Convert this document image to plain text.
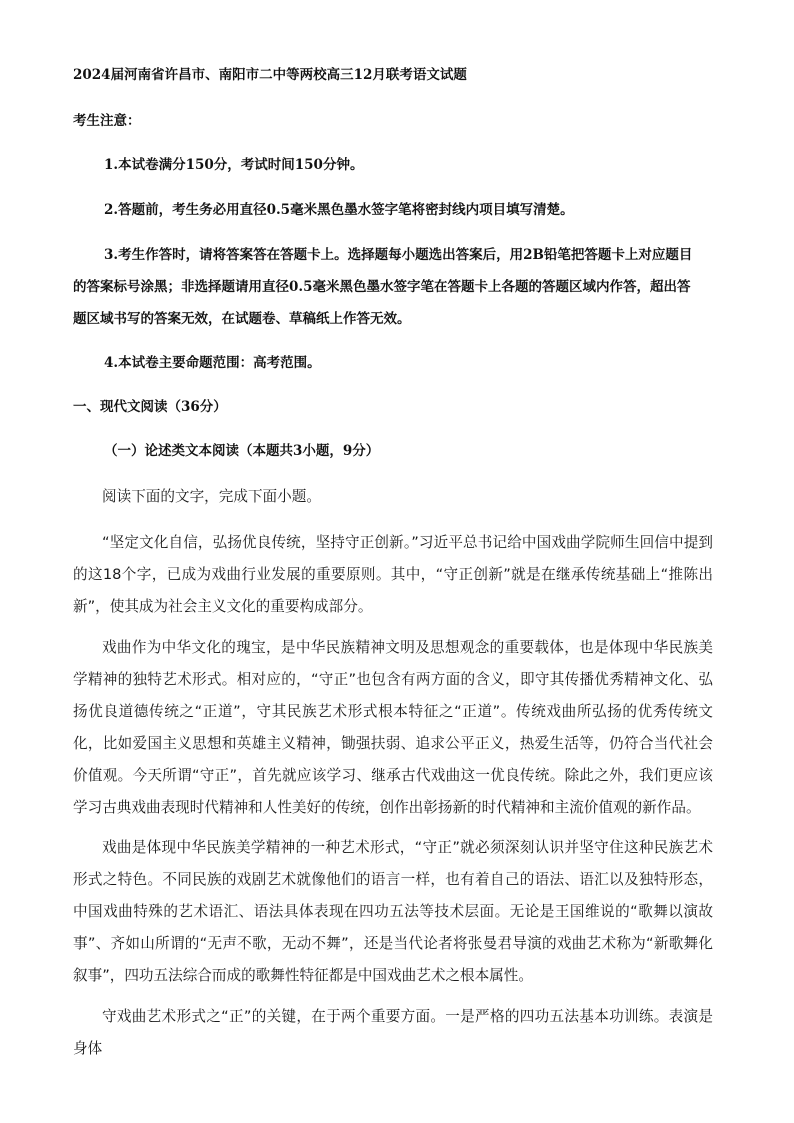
2024届河南省许昌市、南阳市二中等两校高三12月联考语文试题
考生注意：
1.本试卷满分150分，考试时间150分钟。
2.答题前，考生务必用直径0.5毫米黑色墨水签字笔将密封线内项目填写清楚。
3.考生作答时，请将答案答在答题卡上。选择题每小题选出答案后，用2B铅笔把答题卡上对应题目
的答案标号涂黑；非选择题请用直径0.5毫米黑色墨水签字笔在答题卡上各题的答题区域内作答，超出答
题区域书写的答案无效，在试题卷、草稿纸上作答无效。
4.本试卷主要命题范围：高考范围。
一、现代文阅读（36分）
（一）论述类文本阅读（本题共3小题，9分）
阅读下面的文字，完成下面小题。
“坚定文化自信，弘扬优良传统，坚持守正创新。”习近平总书记给中国戏曲学院师生回信中提到的这18个字，已成为戏曲行业发展的重要原则。其中，“守正创新”就是在继承传统基础上“推陈出新”，使其成为社会主义文化的重要构成部分。
戏曲作为中华文化的瑰宝，是中华民族精神文明及思想观念的重要载体，也是体现中华民族美学精神的独特艺术形式。相对应的，“守正”也包含有两方面的含义，即守其传播优秀精神文化、弘扬优良道德传统之“正道”，守其民族艺术形式根本特征之“正道”。传统戏曲所弘扬的优秀传统文化，比如爱国主义思想和英雄主义精神，锄强扶弱、追求公平正义，热爱生活等，仍符合当代社会价值观。今天所谓“守正”，首先就应该学习、继承古代戏曲这一优良传统。除此之外，我们更应该学习古典戏曲表现时代精神和人性美好的传统，创作出彰扬新的时代精神和主流价值观的新作品。
戏曲是体现中华民族美学精神的一种艺术形式，“守正”就必须深刻认识并坚守住这种民族艺术形式之特色。不同民族的戏剧艺术就像他们的语言一样，也有着自己的语法、语汇以及独特形态，中国戏曲特殊的艺术语汇、语法具体表现在四功五法等技术层面。无论是王国维说的“歌舞以演故事”、齐如山所谓的“无声不歌，无动不舞”，还是当代论者将张曼君导演的戏曲艺术称为“新歌舞化叙事”，四功五法综合而成的歌舞性特征都是中国戏曲艺术之根本属性。
守戏曲艺术形式之“正”的关键，在于两个重要方面。一是严格的四功五法基本功训练。表演是身体
